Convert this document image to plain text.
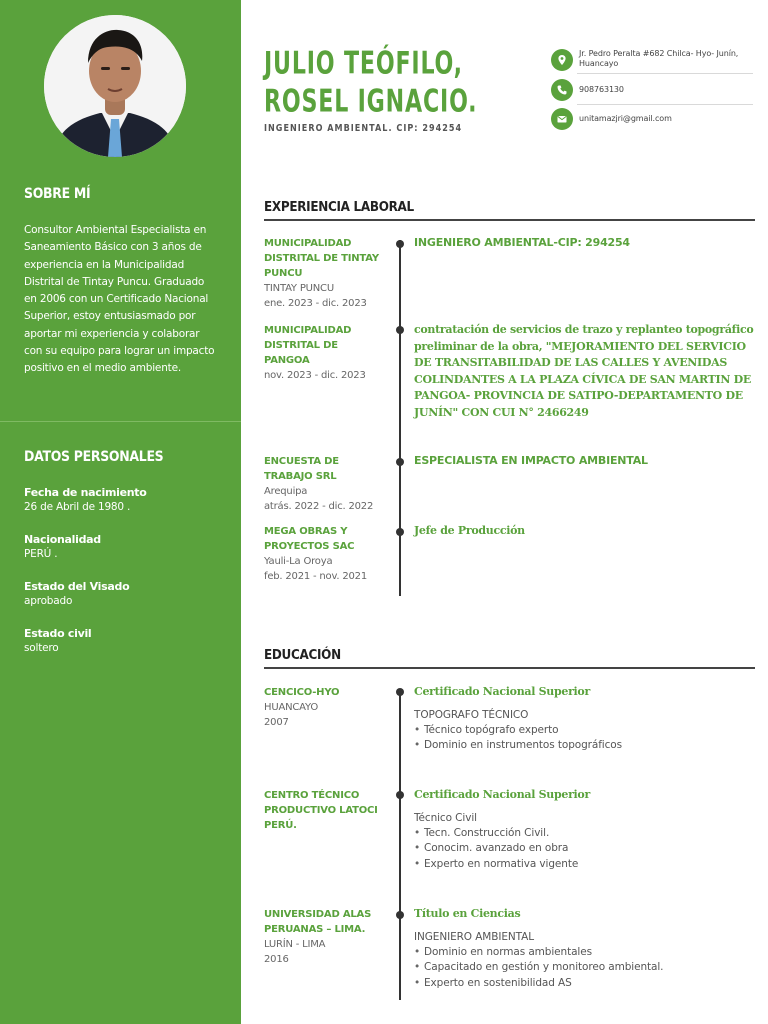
SOBRE MÍ
Consultor Ambiental Especialista en Saneamiento Básico con 3 años de experiencia en la Municipalidad Distrital de Tintay Puncu. Graduado en 2006 con un Certificado Nacional Superior, estoy entusiasmado por aportar mi experiencia y colaborar con su equipo para lograr un impacto positivo en el medio ambiente.
DATOS PERSONALES
Fecha de nacimiento
26 de Abril de 1980 .
Nacionalidad
PERÚ .
Estado del Visado
aprobado
Estado civil
soltero
JULIO TEÓFILO,
ROSEL IGNACIO.
INGENIERO AMBIENTAL. CIP: 294254
Jr. Pedro Peralta #682 Chilca- Hyo- Junín, Huancayo
908763130
unitamazjri@gmail.com
EXPERIENCIA LABORAL
MUNICIPALIDAD DISTRITAL DE TINTAY PUNCU
TINTAY PUNCU
ene. 2023 - dic. 2023
INGENIERO AMBIENTAL-CIP: 294254
MUNICIPALIDAD DISTRITAL DE PANGOA
nov. 2023 - dic. 2023
contratación de servicios de trazo y replanteo topográfico preliminar de la obra, "MEJORAMIENTO DEL SERVICIO DE TRANSITABILIDAD DE LAS CALLES Y AVENIDAS COLINDANTES A LA PLAZA CÍVICA DE SAN MARTIN DE PANGOA- PROVINCIA DE SATIPO-DEPARTAMENTO DE JUNÍN" CON CUI N° 2466249
ENCUESTA DE TRABAJO SRL
Arequipa
atrás. 2022 - dic. 2022
ESPECIALISTA EN IMPACTO AMBIENTAL
MEGA OBRAS Y PROYECTOS SAC
Yauli-La Oroya
feb. 2021 - nov. 2021
Jefe de Producción
EDUCACIÓN
CENCICO-HYO
HUANCAYO
2007
Certificado Nacional Superior
TOPOGRAFO TÉCNICO
• Técnico topógrafo experto
• Dominio en instrumentos topográficos
CENTRO TÉCNICO PRODUCTIVO LATOCI PERÚ.
Certificado Nacional Superior
Técnico Civil
• Tecn. Construcción Civil.
• Conocim. avanzado en obra
• Experto en normativa vigente
UNIVERSIDAD ALAS PERUANAS – LIMA.
LURÍN - LIMA
2016
Título en Ciencias
INGENIERO AMBIENTAL
• Dominio en normas ambientales
• Capacitado en gestión y monitoreo ambiental.
• Experto en sostenibilidad AS
